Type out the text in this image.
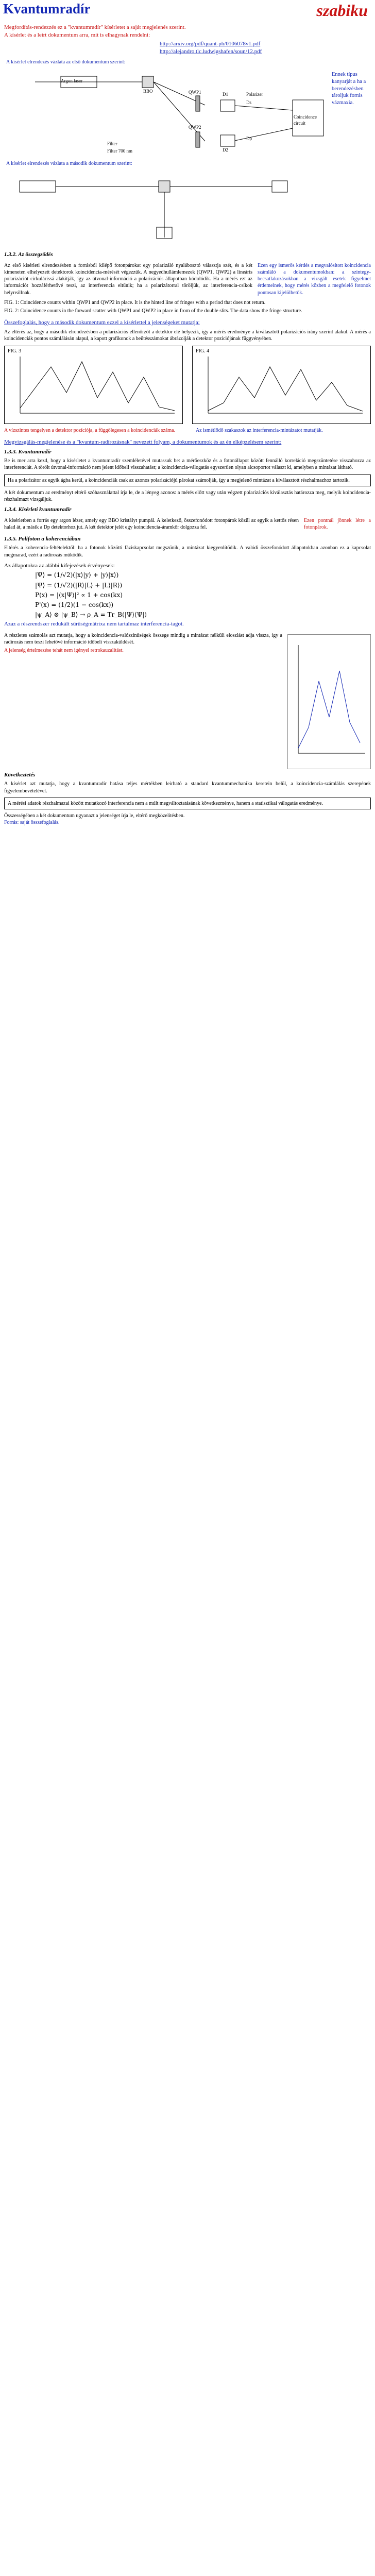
Kvantumradír	szabiku
Megfordítás-rendezzés ez a "kvantumradír" kísérletet a saját megjelenés szerint.
A kísérlet és a leírt dokumentum arra, mit is elhagynak rendelni:
http://arxiv.org/pdf/quant-ph/0106078v1.pdf
http://alejandro.tlc.ludwigshafen/soun/12.pdf
A kísérlet elrendezés vázlata az első dokumentum szerint:
Argon laser
BBO	QWP1
QWP2
D1
D2
Polarizer
Ds
Dp
Filter
Filter 700 nm
Coincidence circuit
Ennek típus kanyarját a ha a berendezésben tároljuk forrás vázmaxia.
A kísérlet elrendezés vázlata a második dokumentum szerint:
1.3.2. Az összegződés

Az első kísérleti elrendezésben a forrásból kilépő fotonpárokat egy polarizáló nyalábosztó választja szét, és a két kimeneten elhelyezett detektorok koincidencia-mérését végezzük. A negyedhullámlemezek (QWP1, QWP2) a lineáris polarizációt cirkulárissá alakítják, így az útvonal-információ a polarizációs állapotban kódolódik. Ha a mérés ezt az információt hozzáférhetővé teszi, az interferencia eltűnik; ha a polarizátorral töröljük, az interferencia-csíkok helyreállnak.

Ezen egy ismerős kérdés a megvalósított koincidencia számláló a dokumentumokban: a szintegy-becsatlakozásokban a vizsgált esetek figyelmet érdemelnek, hogy mérés közben a megfelelő fotonok pontosan kijelölhetők.

FIG. 1: Coincidence counts within QWP1 and QWP2 in place. It is the hinted line of fringes with a period that does not return.

FIG. 2: Coincidence counts in the forward scatter with QWP1 and QWP2 in place in from of the double slits. The data show the fringe structure.

Összefoglalás, hogy a második dokumentum ezzel a kísérlettel a jelenségeket mutatja:
Az eltérés az, hogy a második elrendezésben a polarizációs ellenőrzőt a detektor elé helyezik, így a mérés eredménye a kiválasztott polarizációs irány szerint alakul. A mérés a koincidenciák pontos számlálásán alapul, a kapott grafikonok a beütésszámokat ábrázolják a detektor pozíciójának függvényében.
FIG. 3	FIG. 4
A vízszintes tengelyen a detektor pozíciója, a függőlegesen a koincidenciák száma.	Az ismétlődő szakaszok az interferencia-mintázatot mutatják.
Megvizsgálás-megjelenése és a "kvantum-radírozásnak" nevezett folyam, a dokumentumok és az én elképzelésem szerint:
1.3.3. Kvantumradír

Be is mer arra kezd, hogy a kísérletet a kvantumradír szemléletével mutassuk be: a mérőeszköz és a fotonállapot között fennálló korreláció megszüntetése visszahozza az interferenciát. A törölt útvonal-információ nem jelent időbeli visszahatást; a koincidencia-válogatás egyszerűen olyan alcsoportot választ ki, amelyben a mintázat látható.

Ha a polarizátor az egyik ágba kerül, a koincidenciák csak az azonos polarizációjú párokat számolják, így a megjelenő mintázat a kiválasztott részhalmazhoz tartozik.
A két dokumentum az eredményt eltérő szóhasználattal írja le, de a lényeg azonos: a mérés előtt vagy után végzett polarizációs kiválasztás határozza meg, melyik koincidencia-részhalmazt vizsgáljuk.
1.3.4. Kísérleti kvantumradír

A kísérletben a forrás egy argon lézer, amely egy BBO kristályt pumpál. A keletkező, összefonódott fotonpárok közül az egyik a kettős résen halad át, a másik a Dp detektorhoz jut. A két detektor jelét egy koincidencia-áramkör dolgozza fel.

Ezen pontnál jönnek létre a fotonpárok.

1.3.5. Polifoton a koherenciában

Eltérés a koherencia-feltételektől: ha a fotonok közötti fáziskapcsolat megszűnik, a mintázat kiegyenlítődik. A valódi összefonódott állapotokban azonban ez a kapcsolat megmarad, ezért a radírozás működik.

Az állapotokra az alábbi kifejezések érvényesek:
|Ψ⟩ = (1/√2)(|x⟩|y⟩ + |y⟩|x⟩)
|Ψ⟩ = (1/√2)(|R⟩|L⟩ + |L⟩|R⟩)
P(x) = |⟨x|Ψ⟩|² ∝ 1 + cos(kx)
P'(x) = (1/2)(1 − cos(kx))
|ψ_A⟩ ⊗ |ψ_B⟩ → ρ_A = Tr_B(|Ψ⟩⟨Ψ|)
Azaz a részrendszer redukált sűrűségmátrixa nem tartalmaz interferencia-tagot.

A részletes számolás azt mutatja, hogy a koincidencia-valószínűségek összege mindig a mintázat nélküli eloszlást adja vissza, így a radírozás nem teszi lehetővé információ időbeli visszaküldését.

A jelenség értelmezése tehát nem igényel retrokauzalitást.

Következtetés

A kísérlet azt mutatja, hogy a kvantumradír hatása teljes mértékben leírható a standard kvantummechanika keretein belül, a koincidencia-számlálás szerepének figyelembevételével.

A mérési adatok részhalmazai között mutatkozó interferencia nem a múlt megváltoztatásának következménye, hanem a statisztikai válogatás eredménye.
Összességében a két dokumentum ugyanazt a jelenséget írja le, eltérő megközelítésben.
Forrás: saját összefoglalás.
